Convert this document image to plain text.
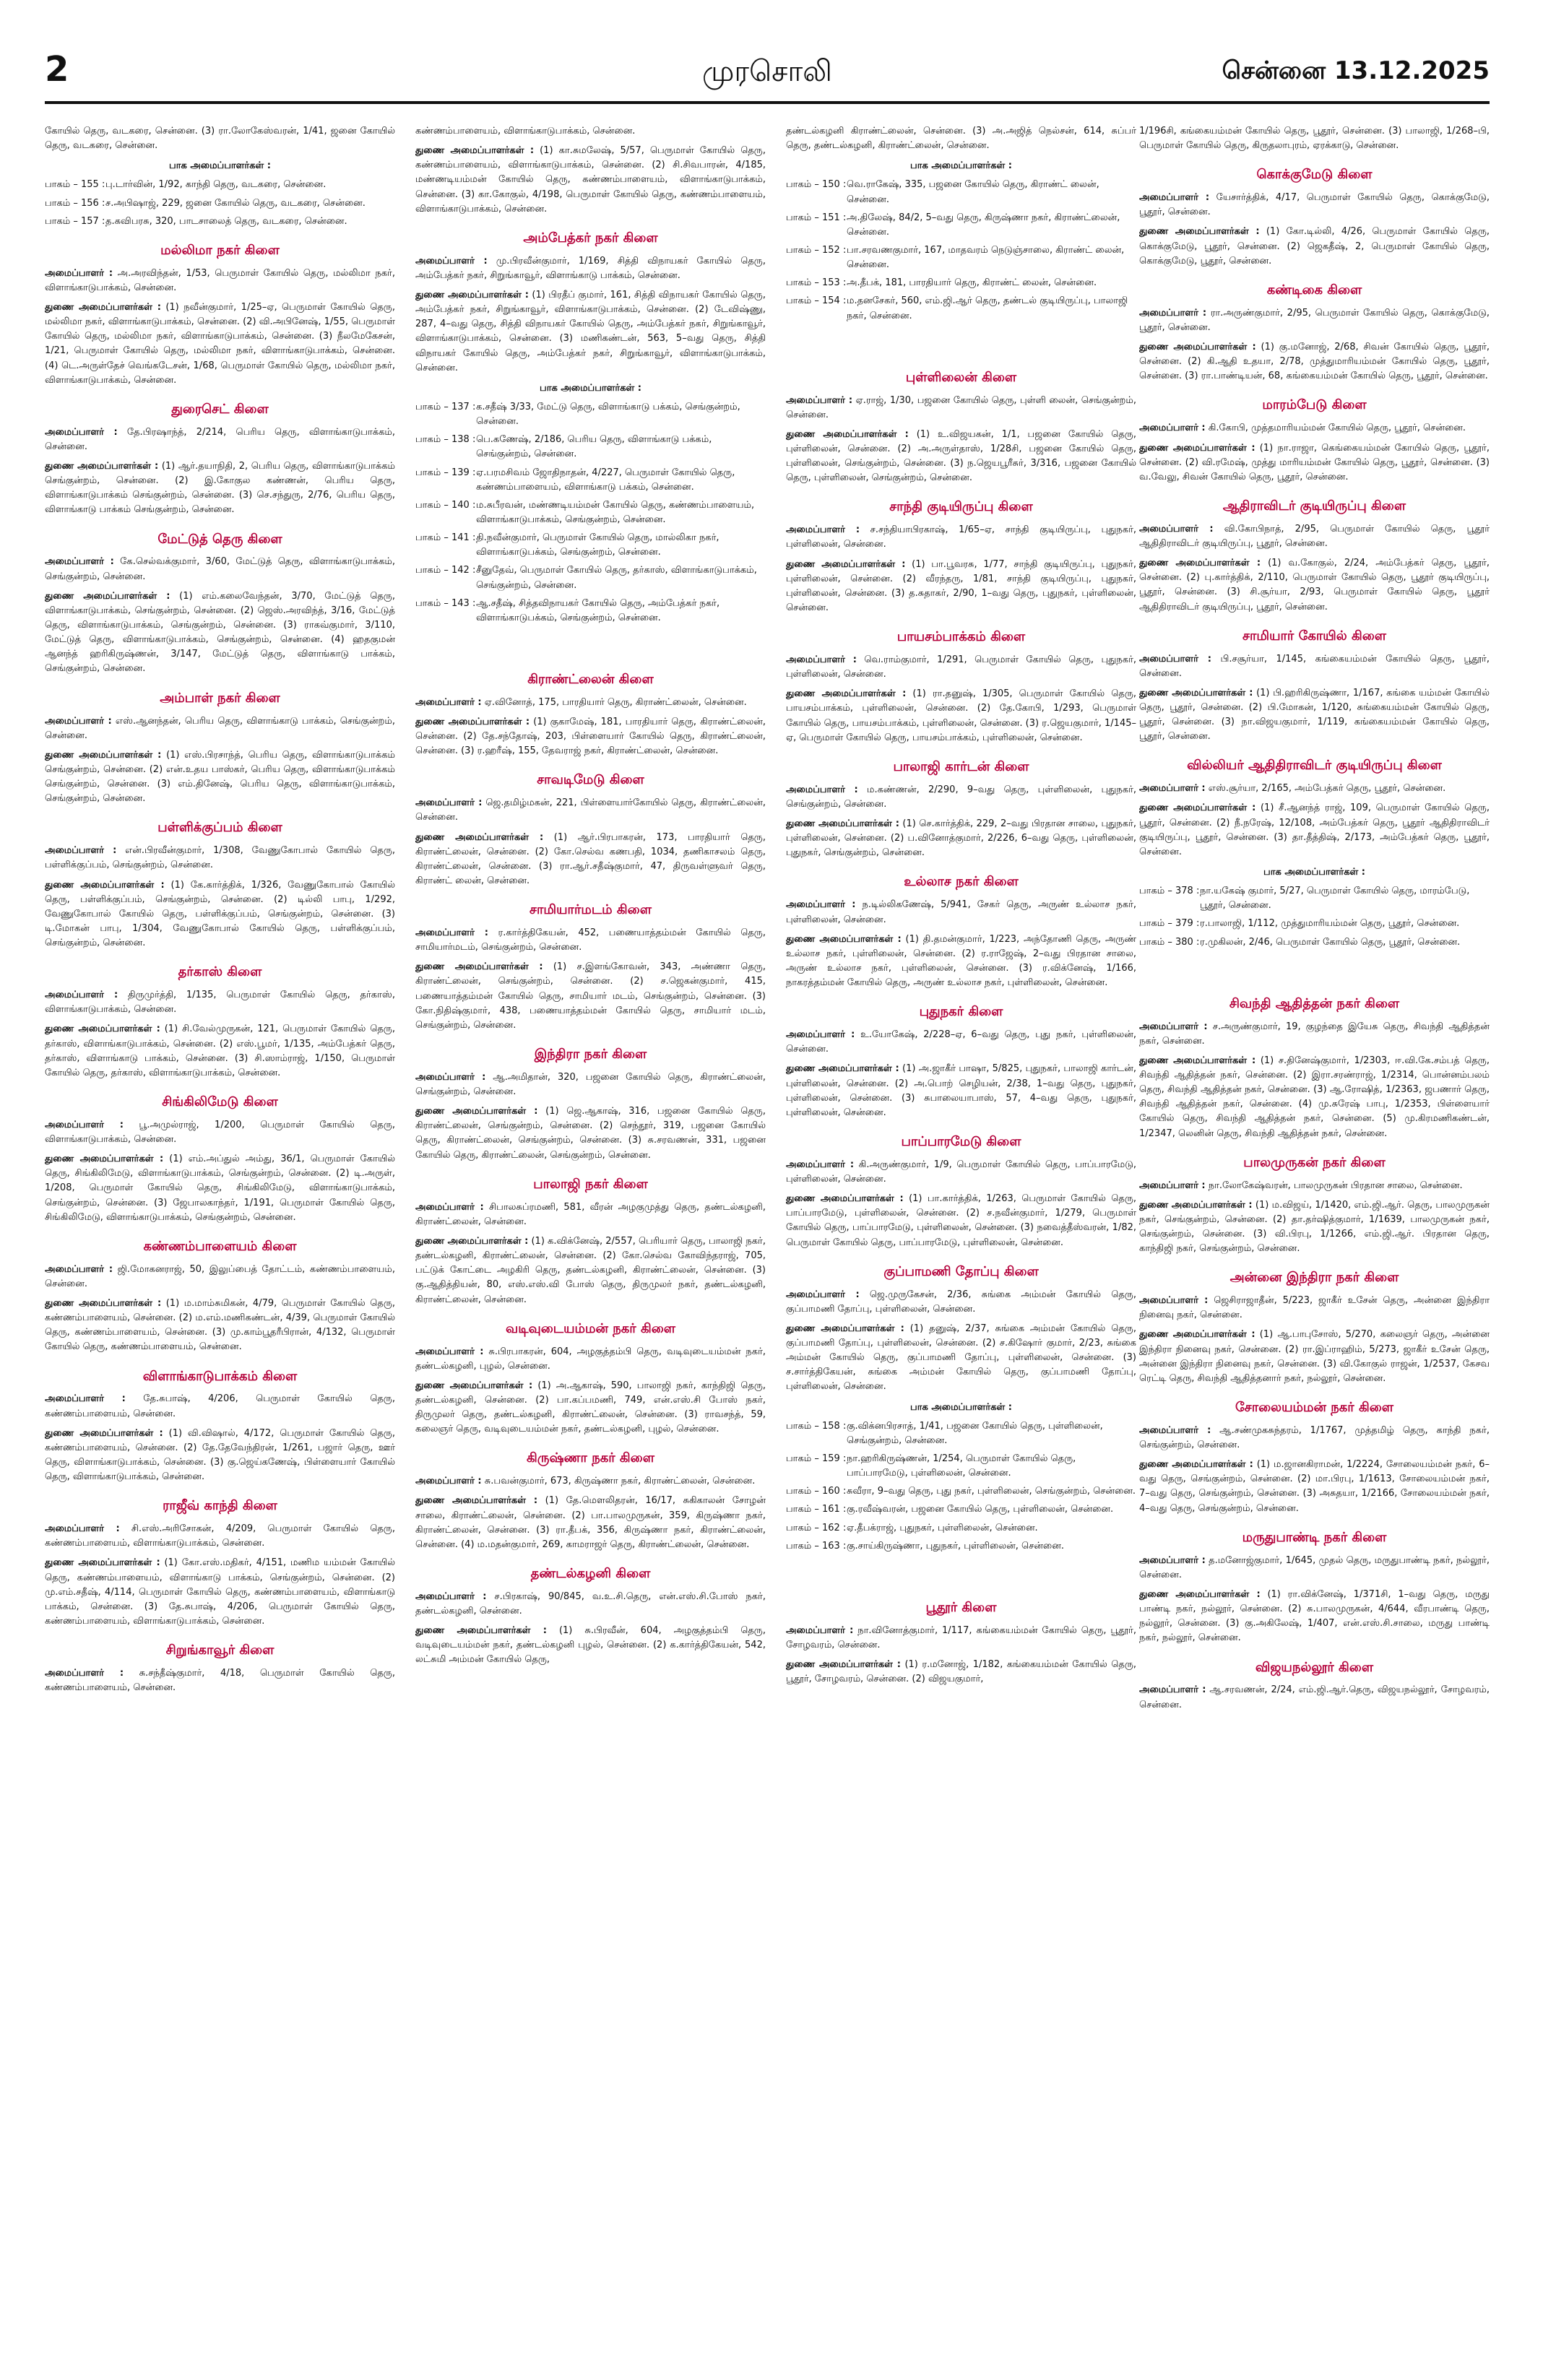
2	முரசொலி	சென்னை 13.12.2025

கோயில் தெரு, வடகரை, சென்னை. (3) ரா.லோகேஸ்வரன், 1/41, ஜனை கோயில் தெரு, வடகரை, சென்னை.

பாக அமைப்பாளர்கள் :
பாகம் – 155 : பு.டார்வின், 1/92, காந்தி தெரு, வடகரை, சென்னை.
பாகம் – 156 : ச.அபிஷாஜ், 229, ஜனை கோயில் தெரு, வடகரை, சென்னை.
பாகம் – 157 : த.கவிபரசு, 320, பாடசாலைத் தெரு, வடகரை, சென்னை.
மல்லிமா நகர் கிளை

அமைப்பாளர் : அ.அரவிந்தன், 1/53, பெருமாள் கோயில் தெரு, மல்லிமா நகர், விளாங்காடுபாக்கம், சென்னை.

துணை அமைப்பாளர்கள் : (1) நவீன்குமார், 1/25–ஏ, பெருமாள் கோயில் தெரு, மல்லிமா நகர், விளாங்காடுபாக்கம், சென்னை. (2) வி.அபினேஷ், 1/55, பெருமாள் கோயில் தெரு, மல்லிமா நகர், விளாங்காடுபாக்கம், சென்னை. (3) நீலமேகேசன், 1/21, பெருமாள் கோயில் தெரு, மல்லிமா நகர், விளாங்காடுபாக்கம், சென்னை. (4) டெ.அருள்தேச் வெங்கடேசன், 1/68, பெருமாள் கோயில் தெரு, மல்லிமா நகர், விளாங்காடுபாக்கம், சென்னை.

துரைசெட் கிளை

அமைப்பாளர் : தே.பிரஷாந்த், 2/214, பெரிய தெரு, விளாங்காடுபாக்கம், சென்னை.

துணை அமைப்பாளர்கள் : (1) ஆர்.தயாநிதி, 2, பெரிய தெரு, விளாங்காடுபாக்கம் செங்குன்றம், சென்னை. (2) இ.கோகுல கண்ணன், பெரிய தெரு, விளாங்காடுபாக்கம் செங்குன்றம், சென்னை. (3) செ.சந்துரு, 2/76, பெரிய தெரு, விளாங்காடு பாக்கம் செங்குன்றம், சென்னை.

மேட்டுத் தெரு கிளை

அமைப்பாளர் : கே.செல்வக்குமார், 3/60, மேட்டுத் தெரு, விளாங்காடுபாக்கம், செங்குன்றம், சென்னை.

துணை அமைப்பாளர்கள் : (1) எம்.கலைவேந்தன், 3/70, மேட்டுத் தெரு, விளாங்காடுபாக்கம், செங்குன்றம், சென்னை. (2) ஜெஸ்.அரவிந்த், 3/16, மேட்டுத் தெரு, விளாங்காடுபாக்கம், செங்குன்றம், சென்னை. (3) ராகவ்குமார், 3/110, மேட்டுத் தெரு, விளாங்காடுபாக்கம், செங்குன்றம், சென்னை. (4) ஹதகுமன் ஆனந்த் ஹரிகிருஷ்ணன், 3/147, மேட்டுத் தெரு, விளாங்காடு பாக்கம், செங்குன்றம், சென்னை.

அம்பாள் நகர் கிளை

அமைப்பாளர் : எஸ்.ஆனந்தன், பெரிய தெரு, விளாங்காடு பாக்கம், செங்குன்றம், சென்னை.

துணை அமைப்பாளர்கள் : (1) எஸ்.பிரசாந்த், பெரிய தெரு, விளாங்காடுபாக்கம் செங்குன்றம், சென்னை. (2) என்.உதய பாஸ்கர், பெரிய தெரு, விளாங்காடுபாக்கம் செங்குன்றம், சென்னை. (3) எம்.தினேஷ், பெரிய தெரு, விளாங்காடுபாக்கம், செங்குன்றம், சென்னை.

பள்ளிக்குப்பம் கிளை

அமைப்பாளர் : என்.பிரவீன்குமார், 1/308, வேணுகோபால் கோயில் தெரு, பள்ளிக்குப்பம், செங்குன்றம், சென்னை.

துணை அமைப்பாளர்கள் : (1) கே.கார்த்திக், 1/326, வேணுகோபால் கோயில் தெரு, பள்ளிக்குப்பம், செங்குன்றம், சென்னை. (2) டில்லி பாபு, 1/292, வேணுகோபால் கோயில் தெரு, பள்ளிக்குப்பம், செங்குன்றம், சென்னை. (3) டி.மோகன் பாபு, 1/304, வேணுகோபால் கோயில் தெரு, பள்ளிக்குப்பம், செங்குன்றம், சென்னை.

தர்காஸ் கிளை

அமைப்பாளர் : திருமுர்த்தி, 1/135, பெருமாள் கோயில் தெரு, தர்காஸ், விளாங்காடுபாக்கம், சென்னை.

துணை அமைப்பாளர்கள் : (1) சி.வேல்முருகன், 121, பெருமாள் கோயில் தெரு, தர்காஸ், விளாங்காடுபாக்கம், சென்னை. (2) எஸ்.பூமர், 1/135, அம்பேத்கர் தெரு, தர்காஸ், விளாங்காடு பாக்கம், சென்னை. (3) சி.ஸாம்ராஜ், 1/150, பெருமாள் கோயில் தெரு, தர்காஸ், விளாங்காடுபாக்கம், சென்னை.

சிங்கிலிமேடு கிளை

அமைப்பாளர் : பூ.அமுல்ராஜ், 1/200, பெருமாள் கோயில் தெரு, விளாங்காடுபாக்கம், சென்னை.

துணை அமைப்பாளர்கள் : (1) எம்.அப்துல் அம்து, 36/1, பெருமாள் கோயில் தெரு, சிங்கிலிமேடு, விளாங்காடுபாக்கம், செங்குன்றம், சென்னை. (2) டி.அருள், 1/208, பெருமாள் கோயில் தெரு, சிங்கிலிமேடு, விளாங்காடுபாக்கம், செங்குன்றம், சென்னை. (3) ஜேபாலகாந்தர், 1/191, பெருமாள் கோயில் தெரு, சிங்கிலிமேடு, விளாங்காடுபாக்கம், செங்குன்றம், சென்னை.

கண்ணம்பாளையம் கிளை

அமைப்பாளர் : ஜி.மோகனராஜ், 50, இலுப்பைத் தோட்டம், கண்ணம்பாளையம், சென்னை.

துணை அமைப்பாளர்கள் : (1) ம.மாம்சுமிகன், 4/79, பெருமாள் கோயில் தெரு, கண்ணம்பாளையம், சென்னை. (2) ம.எம்.மணிகண்டன், 4/39, பெருமாள் கோயில் தெரு, கண்ணம்பாளையம், சென்னை. (3) மு.காம்பூதரீபிரான், 4/132, பெருமாள் கோயில் தெரு, கண்ணம்பாளையம், சென்னை.

விளாங்காடுபாக்கம் கிளை

அமைப்பாளர் : தே.சுபாஷ், 4/206, பெருமாள் கோயில் தெரு, கண்ணம்பாளையம், சென்னை.

துணை அமைப்பாளர்கள் : (1) வி.விஷால், 4/172, பெருமாள் கோயில் தெரு, கண்ணம்பாளையம், சென்னை. (2) தே.தேவேந்திரன், 1/261, பஜார் தெரு, ஊர் தெரு, விளாங்காடுபாக்கம், சென்னை. (3) கு.ஜெய்கணேஷ், பிள்ளையார் கோயில் தெரு, விளாங்காடுபாக்கம், சென்னை.

ராஜீவ் காந்தி கிளை

அமைப்பாளர் : சி.எஸ்.அரிசோகன், 4/209, பெருமாள் கோயில் தெரு, கண்ணம்பாளையம், விளாங்காடுபாக்கம், சென்னை.

துணை அமைப்பாளர்கள் : (1) கோ.எஸ்.மதிகர், 4/151, மணிம யம்மன் கோயில் தெரு, கண்ணம்பாளையம், விளாங்காடு பாக்கம், செங்குன்றம், சென்னை. (2) மு.எம்.சதீஷ், 4/114, பெருமாள் கோயில் தெரு, கண்ணம்பாளையம், விளாங்காடு பாக்கம், சென்னை. (3) தே.சுபாஷ், 4/206, பெருமாள் கோயில் தெரு, கண்ணம்பாளையம், விளாங்காடுபாக்கம், சென்னை.

சிறுங்காவூர் கிளை

அமைப்பாளர் : சு.சந்தீஷ்குமார், 4/18, பெருமாள் கோயில் தெரு, கண்ணம்பாளையம், சென்னை.

கண்ணம்பாளையம், விளாங்காடுபாக்கம், சென்னை.

துணை அமைப்பாளர்கள் : (1) கா.சுமலேஷ், 5/57, பெருமாள் கோயில் தெரு, கண்ணம்பாளையம், விளாங்காடுபாக்கம், சென்னை. (2) சி.சிவபாரன், 4/185, மண்ணடியம்மன் கோயில் தெரு, கண்ணம்பாளையம், விளாங்காடுபாக்கம், சென்னை. (3) கா.கோகுல், 4/198, பெருமாள் கோயில் தெரு, கண்ணம்பாளையம், விளாங்காடுபாக்கம், சென்னை.

அம்பேத்கர் நகர் கிளை

அமைப்பாளர் : மு.பிரவீன்குமார், 1/169, சித்தி விநாயகர் கோயில் தெரு, அம்பேத்கர் நகர், சிறுங்காவூர், விளாங்காடு பாக்கம், சென்னை.

துணை அமைப்பாளர்கள் : (1) பிரதீப் குமார், 161, சித்தி விநாயகர் கோயில் தெரு, அம்பேத்கர் நகர், சிறுங்காவூர், விளாங்காடுபாக்கம், சென்னை. (2) டேவிஷ்ணு, 287, 4–வது தெரு, சித்தி விநாயகர் கோயில் தெரு, அம்பேத்கர் நகர், சிறுங்காவூர், விளாங்காடுபாக்கம், சென்னை. (3) மணிகண்டன், 563, 5–வது தெரு, சித்தி விநாயகர் கோயில் தெரு, அம்பேத்கர் நகர், சிறுங்காவூர், விளாங்காடுபாக்கம், சென்னை.

பாக அமைப்பாளர்கள் :
பாகம் – 137 : க.சதீஷ் 3/33, மேட்டு தெரு, விளாங்காடு பக்கம், செங்குன்றம், சென்னை.
பாகம் – 138 : பெ.கணேஷ், 2/186, பெரிய தெரு, விளாங்காடு பக்கம், செங்குன்றம், சென்னை.
பாகம் – 139 : ஏ.பரமசிவம் ஜோதிநாதன், 4/227, பெருமாள் கோயில் தெரு, கண்ணம்பாளையம், விளாங்காடு பக்கம், சென்னை.
பாகம் – 140 : ம.சுபீரவன், மண்ணடியம்மன் கோயில் தெரு, கண்ணம்பாளையம், விளாங்காடுபாக்கம், செங்குன்றம், சென்னை.
பாகம் – 141 : தி.நவீன்குமார், பெருமாள் கோயில் தெரு, மால்லிகா நகர், விளாங்காடுபக்கம், செங்குன்றம், சென்னை.
பாகம் – 142 : சீனுதேவ், பெருமாள் கோயில் தெரு, தர்காஸ், விளாங்காடுபாக்கம், செங்குன்றம், சென்னை.
பாகம் – 143 : ஆ.சதீஷ், சித்தவிநாயகர் கோயில் தெரு, அம்பேத்கர் நகர், விளாங்காடுபக்கம், செங்குன்றம், சென்னை.
கிராண்ட்லைன் கிளை

அமைப்பாளர் : ஏ.வினோத், 175, பாரதியார் தெரு, கிராண்ட்லைன், சென்னை.

துணை அமைப்பாளர்கள் : (1) குகாமேஷ், 181, பாரதியார் தெரு, கிராண்ட்லைன், சென்னை. (2) தே.சந்தோஷ், 203, பிள்ளையார் கோயில் தெரு, கிராண்ட்லைன், சென்னை. (3) ர.ஹரீஷ், 155, தேவராஜ் நகர், கிராண்ட்லைன், சென்னை.

சாவடிமேடு கிளை

அமைப்பாளர் : ஜெ.தமிழ்மகன், 221, பிள்ளையார்கோயில் தெரு, கிராண்ட்லைன், சென்னை.

துணை அமைப்பாளர்கள் : (1) ஆர்.பிரபாகரன், 173, பாரதியார் தெரு, கிராண்ட்லைன், சென்னை. (2) கோ.செல்வ கணபதி, 1034, தணிகாசலம் தெரு, கிராண்ட்லைன், சென்னை. (3) ரா.ஆர்.சதீஷ்குமார், 47, திருவள்ளுவர் தெரு, கிராண்ட் லைன், சென்னை.

சாமியார்மடம் கிளை

அமைப்பாளர் : ர.கார்த்திகேயன், 452, பணையாத்தம்மன் கோயில் தெரு, சாமியார்மடம், செங்குன்றம், சென்னை.

துணை அமைப்பாளர்கள் : (1) ச.இளங்கோவன், 343, அண்ணா தெரு, கிராண்ட்லைன், செங்குன்றம், சென்னை. (2) ச.ஜெகன்குமார், 415, பணையாத்தம்மன் கோயில் தெரு, சாமியார் மடம், செங்குன்றம், சென்னை. (3) கோ.நிதிஷ்குமார், 438, பணையாத்தம்மன் கோயில் தெரு, சாமியார் மடம், செங்குன்றம், சென்னை.

இந்திரா நகர் கிளை

அமைப்பாளர் : ஆ.அமிதான், 320, பஜனை கோயில் தெரு, கிராண்ட்லைன், செங்குன்றம், சென்னை.

துணை அமைப்பாளர்கள் : (1) ஜெ.ஆகாஷ், 316, பஜனை கோயில் தெரு, கிராண்ட்லைன், செங்குன்றம், சென்னை. (2) செந்தூர், 319, பஜனை கோயில் தெரு, கிராண்ட்லைன், செங்குன்றம், சென்னை. (3) சு.சரவணன், 331, பஜனை கோயில் தெரு, கிராண்ட்லைன், செங்குன்றம், சென்னை.

பாலாஜி நகர் கிளை

அமைப்பாளர் : சிபாலசுப்ரமணி, 581, வீரன் அழகுமுத்து தெரு, தண்டல்கழனி, கிராண்ட்லைன், சென்னை.

துணை அமைப்பாளர்கள் : (1) க.விக்னேஷ், 2/557, பெரியார் தெரு, பாலாஜி நகர், தண்டல்கழனி, கிராண்ட்லைன், சென்னை. (2) கோ.செல்வ கோவிந்தராஜ், 705, பட்டுக் கோட்டை அழகிரி தெரு, தண்டல்கழனி, கிராண்ட்லைன், சென்னை. (3) கு.ஆதித்தியன், 80, எஸ்.எஸ்.வி போஸ் தெரு, திருமுலர் நகர், தண்டல்கழனி, கிராண்ட்லைன், சென்னை.

வடிவுடையம்மன் நகர் கிளை

அமைப்பாளர் : சு.பிரபாகரன், 604, அழகுத்தம்பி தெரு, வடிவுடையம்மன் நகர், தண்டல்கழனி, புழல், சென்னை.

துணை அமைப்பாளர்கள் : (1) அ.ஆகாஷ், 590, பாலாஜி நகர், காந்திஜி தெரு, தண்டல்கழனி, சென்னை. (2) பா.கப்பமணி, 749, என்.எஸ்.சி போஸ் நகர், திருமுலர் தெரு, தண்டல்கழனி, கிராண்ட்லைன், சென்னை. (3) ராவசந்த், 59, கலைஞர் தெரு, வடிவுடையம்மன் நகர், தண்டல்கழனி, புழல், சென்னை.

கிருஷ்ணா நகர் கிளை

அமைப்பாளர் : சு.பவன்குமார், 673, கிருஷ்ணா நகர், கிராண்ட்லைன், சென்னை.

துணை அமைப்பாளர்கள் : (1) தே.மௌலிதரன், 16/17, சுகிகாலன் சோழன் சாலை, கிராண்ட்லைன், சென்னை. (2) பா.பாலமுருகன், 359, கிருஷ்ணா நகர், கிராண்ட்லைன், சென்னை. (3) ரா.தீபக், 356, கிருஷ்ணா நகர், கிராண்ட்லைன், சென்னை. (4) ம.மதன்குமார், 269, காமராஜர் தெரு, கிராண்ட்லைன், சென்னை.

தண்டல்கழனி கிளை

அமைப்பாளர் : ச.பிரகாஷ், 90/845, வ.உ.சி.தெரு, என்.எஸ்.சி.போஸ் நகர், தண்டல்கழனி, சென்னை.

துணை அமைப்பாளர்கள் : (1) சு.பிரவீன், 604, அழகுத்தம்பி தெரு, வடிவுடையம்மன் நகர், தண்டல்கழனி புழல், சென்னை. (2) க.கார்த்திகேயன், 542, லட்சுமி அம்மன் கோயில் தெரு,

தண்டல்கழனி கிராண்ட்லைன், சென்னை. (3) அ.அஜித் நெல்சன், 614, சுப்பர் தெரு, தண்டல்கழனி, கிராண்ட்லைன், சென்னை.

பாக அமைப்பாளர்கள் :
பாகம் – 150 : வெ.ராகேஷ், 335, பஜனை கோயில் தெரு, கிராண்ட் லைன், சென்னை.
பாகம் – 151 : அ.திலேஷ், 84/2, 5–வது தெரு, கிருஷ்ணா நகர், கிராண்ட்லைன், சென்னை.
பாகம் – 152 : பா.சரவணகுமார், 167, மாதவரம் நெடுஞ்சாலை, கிராண்ட் லைன், சென்னை.
பாகம் – 153 : அ.தீபக், 181, பாரதியார் தெரு, கிராண்ட் லைன், சென்னை.
பாகம் – 154 : ம.தனசேகர், 560, எம்.ஜி.ஆர் தெரு, தண்டல் குடியிருப்பு, பாலாஜி நகர், சென்னை.
புள்ளிலைன் கிளை

அமைப்பாளர் : ஏ.ராஜ், 1/30, பஜனை கோயில் தெரு, புள்ளி லைன், செங்குன்றம், சென்னை.

துணை அமைப்பாளர்கள் : (1) உ.விஜயகன், 1/1, பஜனை கோயில் தெரு, புள்ளிலைன், சென்னை. (2) அ.அருள்தாஸ், 1/28சி, பஜனை கோயில் தெரு, புள்ளிலைன், செங்குன்றம், சென்னை. (3) ந.ஜெயபூரீசுர், 3/316, பஜனை கோயில் தெரு, புள்ளிலைன், செங்குன்றம், சென்னை.

சாந்தி குடியிருப்பு கிளை

அமைப்பாளர் : ச.சந்தியாபிரகாஷ், 1/65–ஏ, சாந்தி குடியிருப்பு, புதுநகர், புள்ளிலைன், சென்னை.

துணை அமைப்பாளர்கள் : (1) பா.பூவரசு, 1/77, சாந்தி குடியிருப்பு, புதுநகர், புள்ளிலைன், சென்னை. (2) வீரந்தரு, 1/81, சாந்தி குடியிருப்பு, புதுநகர், புள்ளிலைன், சென்னை. (3) த.சுதாகர், 2/90, 1–வது தெரு, புதுநகர், புள்ளிலைன், சென்னை.

பாயசம்பாக்கம் கிளை

அமைப்பாளர் : வெ.ராம்குமார், 1/291, பெருமாள் கோயில் தெரு, புதுநகர், புள்ளிலைன், சென்னை.

துணை அமைப்பாளர்கள் : (1) ரா.தனுஷ், 1/305, பெருமாள் கோயில் தெரு, பாயசம்பாக்கம், புள்ளிலைன், சென்னை. (2) தே.கோபி, 1/293, பெருமாள் கோயில் தெரு, பாயசம்பாக்கம், புள்ளிலைன், சென்னை. (3) ர.ஜெயகுமார், 1/145–ஏ, பெருமாள் கோயில் தெரு, பாயசம்பாக்கம், புள்ளிலைன், சென்னை.

பாலாஜி கார்டன் கிளை

அமைப்பாளர் : ம.கண்ணன், 2/290, 9–வது தெரு, புள்ளிலைன், புதுநகர், செங்குன்றம், சென்னை.

துணை அமைப்பாளர்கள் : (1) செ.கார்த்திக், 229, 2–வது பிரதான சாலை, புதுநகர், புள்ளிலைன், சென்னை. (2) ப.வினோத்குமார், 2/226, 6–வது தெரு, புள்ளிலைன், புதுநகர், செங்குன்றம், சென்னை.

உல்லாச நகர் கிளை

அமைப்பாளர் : ந.டில்லிகணேஷ், 5/941, சேகர் தெரு, அருண் உல்லாச நகர், புள்ளிலைன், சென்னை.

துணை அமைப்பாளர்கள் : (1) தி.தமன்குமார், 1/223, அந்தோணி தெரு, அருண் உல்லாச நகர், புள்ளிலைன், சென்னை. (2) ர.ராஜேஷ், 2–வது பிரதான சாலை, அருண் உல்லாச நகர், புள்ளிலைன், சென்னை. (3) ர.விக்னேஷ், 1/166, நாகரத்தம்மன் கோயில் தெரு, அருண் உல்லாச நகர், புள்ளிலைன், சென்னை.

புதுநகர் கிளை

அமைப்பாளர் : உ.யோகேஷ், 2/228–ஏ, 6–வது தெரு, புது நகர், புள்ளிலைன், சென்னை.

துணை அமைப்பாளர்கள் : (1) அ.ஜாகீர் பாஷா, 5/825, புதுநகர், பாலாஜி கார்டன், புள்ளிலைன், சென்னை. (2) அ.பொற் செழியன், 2/38, 1–வது தெரு, புதுநகர், புள்ளிலைன், சென்னை. (3) சுபாலையாபாஸ், 57, 4–வது தெரு, புதுநகர், புள்ளிலைன், சென்னை.

பாப்பாரமேடு கிளை

அமைப்பாளர் : கி.அருண்குமார், 1/9, பெருமாள் கோயில் தெரு, பாப்பாரமேடு, புள்ளிலைன், சென்னை.

துணை அமைப்பாளர்கள் : (1) பா.கார்த்திக், 1/263, பெருமாள் கோயில் தெரு, பாப்பாரமேடு, புள்ளிலைன், சென்னை. (2) ச.நவீன்குமார், 1/279, பெருமாள் கோயில் தெரு, பாப்பாரமேடு, புள்ளிலைன், சென்னை. (3) நவைத்தீஸ்வரன், 1/82, பெருமாள் கோயில் தெரு, பாப்பாரமேடு, புள்ளிலைன், சென்னை.

குப்பாமணி தோப்பு கிளை

அமைப்பாளர் : ஜெ.முருகேசன், 2/36, சுங்கை அம்மன் கோயில் தெரு, குப்பாமணி தோப்பு, புள்ளிலைன், சென்னை.

துணை அமைப்பாளர்கள் : (1) தனுஷ், 2/37, சுங்கை அம்மன் கோயில் தெரு, குப்பாமணி தோப்பு, புள்ளிலைன், சென்னை. (2) ச.கிஷோர் குமார், 2/23, சுங்கை அம்மன் கோயில் தெரு, குப்பாமணி தோப்பு, புள்ளிலைன், சென்னை. (3) ச.சார்த்திகேயன், சுங்கை அம்மன் கோயில் தெரு, குப்பாமணி தோப்பு, புள்ளிலைன், சென்னை.

பாக அமைப்பாளர்கள் :
பாகம் – 158 : கு.விக்னபிரசாத், 1/41, பஜனை கோயில் தெரு, புள்ளிலைன், செங்குன்றம், சென்னை.
பாகம் – 159 : நா.ஹரிகிருஷ்ணன், 1/254, பெருமாள் கோயில் தெரு, பாப்பாரமேடு, புள்ளிலைன், சென்னை.
பாகம் – 160 : சுவீரா, 9–வது தெரு, புது நகர், புள்ளிலைன், செங்குன்றம், சென்னை.
பாகம் – 161 : கு.ரவீஷ்வரன், பஜனை கோயில் தெரு, புள்ளிலைன், சென்னை.
பாகம் – 162 : ஏ.தீபக்ராஜ், புதுநகர், புள்ளிலைன், சென்னை.
பாகம் – 163 : கு.சாய்கிருஷ்ணா, புதுநகர், புள்ளிலைன், சென்னை.
பூதூர் கிளை

அமைப்பாளர் : நா.வினோத்குமார், 1/117, கங்கையம்மன் கோயில் தெரு, பூதூர், சோழவரம், சென்னை.

துணை அமைப்பாளர்கள் : (1) ர.மனோஜ், 1/182, கங்கையம்மன் கோயில் தெரு, பூதூர், சோழவரம், சென்னை. (2) விஜயகுமார்,

1/196சி, கங்கையம்மன் கோயில் தெரு, பூதூர், சென்னை. (3) பாலாஜி, 1/268–பி, பெருமாள் கோயில் தெரு, கிருதலாபுரம், ஏரக்காடு, சென்னை.

கொக்குமேடு கிளை

அமைப்பாளர் : யேசார்த்திக், 4/17, பெருமாள் கோயில் தெரு, கொக்குமேடு, பூதூர், சென்னை.

துணை அமைப்பாளர்கள் : (1) கோ.டில்லி, 4/26, பெருமாள் கோயில் தெரு, கொக்குமேடு, பூதூர், சென்னை. (2) ஜெகதீஷ், 2, பெருமாள் கோயில் தெரு, கொக்குமேடு, பூதூர், சென்னை.

கண்டிகை கிளை

அமைப்பாளர் : ரா.அருண்குமார், 2/95, பெருமாள் கோயில் தெரு, கொக்குமேடு, பூதூர், சென்னை.

துணை அமைப்பாளர்கள் : (1) கு.மனோஜ், 2/68, சிவன் கோயில் தெரு, பூதூர், சென்னை. (2) கி.ஆதி உதயா, 2/78, முத்துமாரியம்மன் கோயில் தெரு, பூதூர், சென்னை. (3) ரா.பாண்டியன், 68, கங்கையம்மன் கோயில் தெரு, பூதூர், சென்னை.

மாரம்பேடு கிளை

அமைப்பாளர் : கி.கோபி, முத்தமாரியம்மன் கோயில் தெரு, பூதூர், சென்னை.

துணை அமைப்பாளர்கள் : (1) நா.ராஜா, கெங்கையம்மன் கோயில் தெரு, பூதூர், சென்னை. (2) வி.ரமேஷ், முத்து மாரியம்மன் கோயில் தெரு, பூதூர், சென்னை. (3) வ.வேலு, சிவன் கோயில் தெரு, பூதூர், சென்னை.

ஆதிராவிடர் குடியிருப்பு கிளை

அமைப்பாளர் : வி.கோபிநாத், 2/95, பெருமாள் கோயில் தெரு, பூதூர் ஆதிதிராவிடர் குடியிருப்பு, பூதூர், சென்னை.

துணை அமைப்பாளர்கள் : (1) வ.கோகுல், 2/24, அம்பேத்கர் தெரு, பூதூர், சென்னை. (2) பு.கார்த்திக், 2/110, பெருமாள் கோயில் தெரு, பூதூர் குடியிருப்பு, பூதூர், சென்னை. (3) சி.சூர்யா, 2/93, பெருமாள் கோயில் தெரு, பூதூர் ஆதிதிராவிடர் குடியிருப்பு, பூதூர், சென்னை.

சாமியார் கோயில் கிளை

அமைப்பாளர் : பி.சசூர்யா, 1/145, கங்கையம்மன் கோயில் தெரு, பூதூர், சென்னை.

துணை அமைப்பாளர்கள் : (1) பி.ஹரிகிருஷ்ணா, 1/167, கங்கை யம்மன் கோயில் தெரு, பூதூர், சென்னை. (2) பி.மோகன், 1/120, சுங்கையம்மன் கோயில் தெரு, பூதூர், சென்னை. (3) நா.விஜயகுமார், 1/119, கங்கையம்மன் கோயில் தெரு, பூதூர், சென்னை.

வில்லியர் ஆதிதிராவிடர் குடியிருப்பு கிளை

அமைப்பாளர் : எஸ்.சூர்யா, 2/165, அம்பேத்கர் தெரு, பூதூர், சென்னை.

துணை அமைப்பாளர்கள் : (1) சீ.ஆனந்த் ராஜ், 109, பெருமாள் கோயில் தெரு, பூதூர், சென்னை. (2) நீ.நரேஷ், 12/108, அம்பேத்கர் தெரு, பூதூர் ஆதிதிராவிடர் குடியிருப்பு, பூதூர், சென்னை. (3) தா.தீத்திஷ், 2/173, அம்பேத்கர் தெரு, பூதூர், சென்னை.

பாக அமைப்பாளர்கள் :
பாகம் – 378 : நா.யகேஷ் குமார், 5/27, பெருமாள் கோயில் தெரு, மாரம்பேடு, பூதூர், சென்னை.
பாகம் – 379 : ர.பாலாஜி, 1/112, முத்துமாரியம்மன் தெரு, பூதூர், சென்னை.
பாகம் – 380 : ர.முகிலன், 2/46, பெருமாள் கோயில் தெரு, பூதூர், சென்னை.
சிவந்தி ஆதித்தன் நகர் கிளை

அமைப்பாளர் : ச.அருண்குமார், 19, குழந்தை இயேசு தெரு, சிவந்தி ஆதித்தன் நகர், சென்னை.

துணை அமைப்பாளர்கள் : (1) ச.தினேஷ்குமார், 1/2303, ஈ.வி.கே.சம்பத் தெரு, சிவந்தி ஆதித்தன் நகர், சென்னை. (2) இரா.சரண்ராஜ், 1/2314, பொன்னம்பலம் தெரு, சிவந்தி ஆதித்தன் நகர், சென்னை. (3) ஆ.ரோஷித், 1/2363, ஜபணார் தெரு, சிவந்தி ஆதித்தன் நகர், சென்னை. (4) மு.சுரேஷ் பாபு, 1/2353, பிள்ளையார் கோயில் தெரு, சிவந்தி ஆதித்தன் நகர், சென்னை. (5) மு.கிரமணிகண்டன், 1/2347, லெனின் தெரு, சிவந்தி ஆதித்தன் நகர், சென்னை.

பாலமுருகன் நகர் கிளை

அமைப்பாளர் : நா.லோகேஷ்வரன், பாலமுருகன் பிரதான சாலை, சென்னை.

துணை அமைப்பாளர்கள் : (1) ம.விஜய், 1/1420, எம்.ஜி.ஆர். தெரு, பாலமுருகன் நகர், செங்குன்றம், சென்னை. (2) தா.தர்ஷித்குமார், 1/1639, பாலமுருகன் நகர், செங்குன்றம், சென்னை. (3) வி.பிரபு, 1/1266, எம்.ஜி.ஆர். பிரதான தெரு, காந்திஜி நகர், செங்குன்றம், சென்னை.

அன்னை இந்திரா நகர் கிளை

அமைப்பாளர் : ஜெசிராஜாதீன், 5/223, ஜாகீர் உசேன் தெரு, அன்னை இந்திரா நினைவு நகர், சென்னை.

துணை அமைப்பாளர்கள் : (1) ஆ.பாபுசோஸ், 5/270, கலைஞர் தெரு, அன்னை இந்திரா நினைவு நகர், சென்னை. (2) ரா.இப்ராஹிம், 5/273, ஜாகீர் உசேன் தெரு, அன்னை இந்திரா நினைவு நகர், சென்னை. (3) வி.கோகுல் ராஜன், 1/2537, கேசவ ரெட்டி தெரு, சிவந்தி ஆதித்தனார் நகர், நல்லூர், சென்னை.

சோலையம்மன் நகர் கிளை

அமைப்பாளர் : ஆ.சண்முகசுந்தரம், 1/1767, முத்தமிழ் தெரு, காந்தி நகர், செங்குன்றம், சென்னை.

துணை அமைப்பாளர்கள் : (1) ம.ஜானகிராமன், 1/2224, சோலையம்மன் நகர், 6–வது தெரு, செங்குன்றம், சென்னை. (2) மா.பிரபு, 1/1613, சோலையம்மன் நகர், 7–வது தெரு, செங்குன்றம், சென்னை. (3) அசுதயா, 1/2166, சோலையம்மன் நகர், 4–வது தெரு, செங்குன்றம், சென்னை.

மருதுபாண்டி நகர் கிளை

அமைப்பாளர் : த.மனோஜ்குமார், 1/645, முதல் தெரு, மருதுபாண்டி நகர், நல்லூர், சென்னை.

துணை அமைப்பாளர்கள் : (1) ரா.விக்னேஷ், 1/371சி, 1–வது தெரு, மருது பாண்டி நகர், நல்லூர், சென்னை. (2) சு.பாலமுருகன், 4/644, வீரபாண்டி தெரு, நல்லூர், சென்னை. (3) கு.அகிலேஷ், 1/407, என்.எஸ்.சி.சாலை, மருது பாண்டி நகர், நல்லூர், சென்னை.

விஜயநல்லூர் கிளை

அமைப்பாளர் : ஆ.சரவணன், 2/24, எம்.ஜி.ஆர்.தெரு, விஜயநல்லூர், சோழவரம், சென்னை.
